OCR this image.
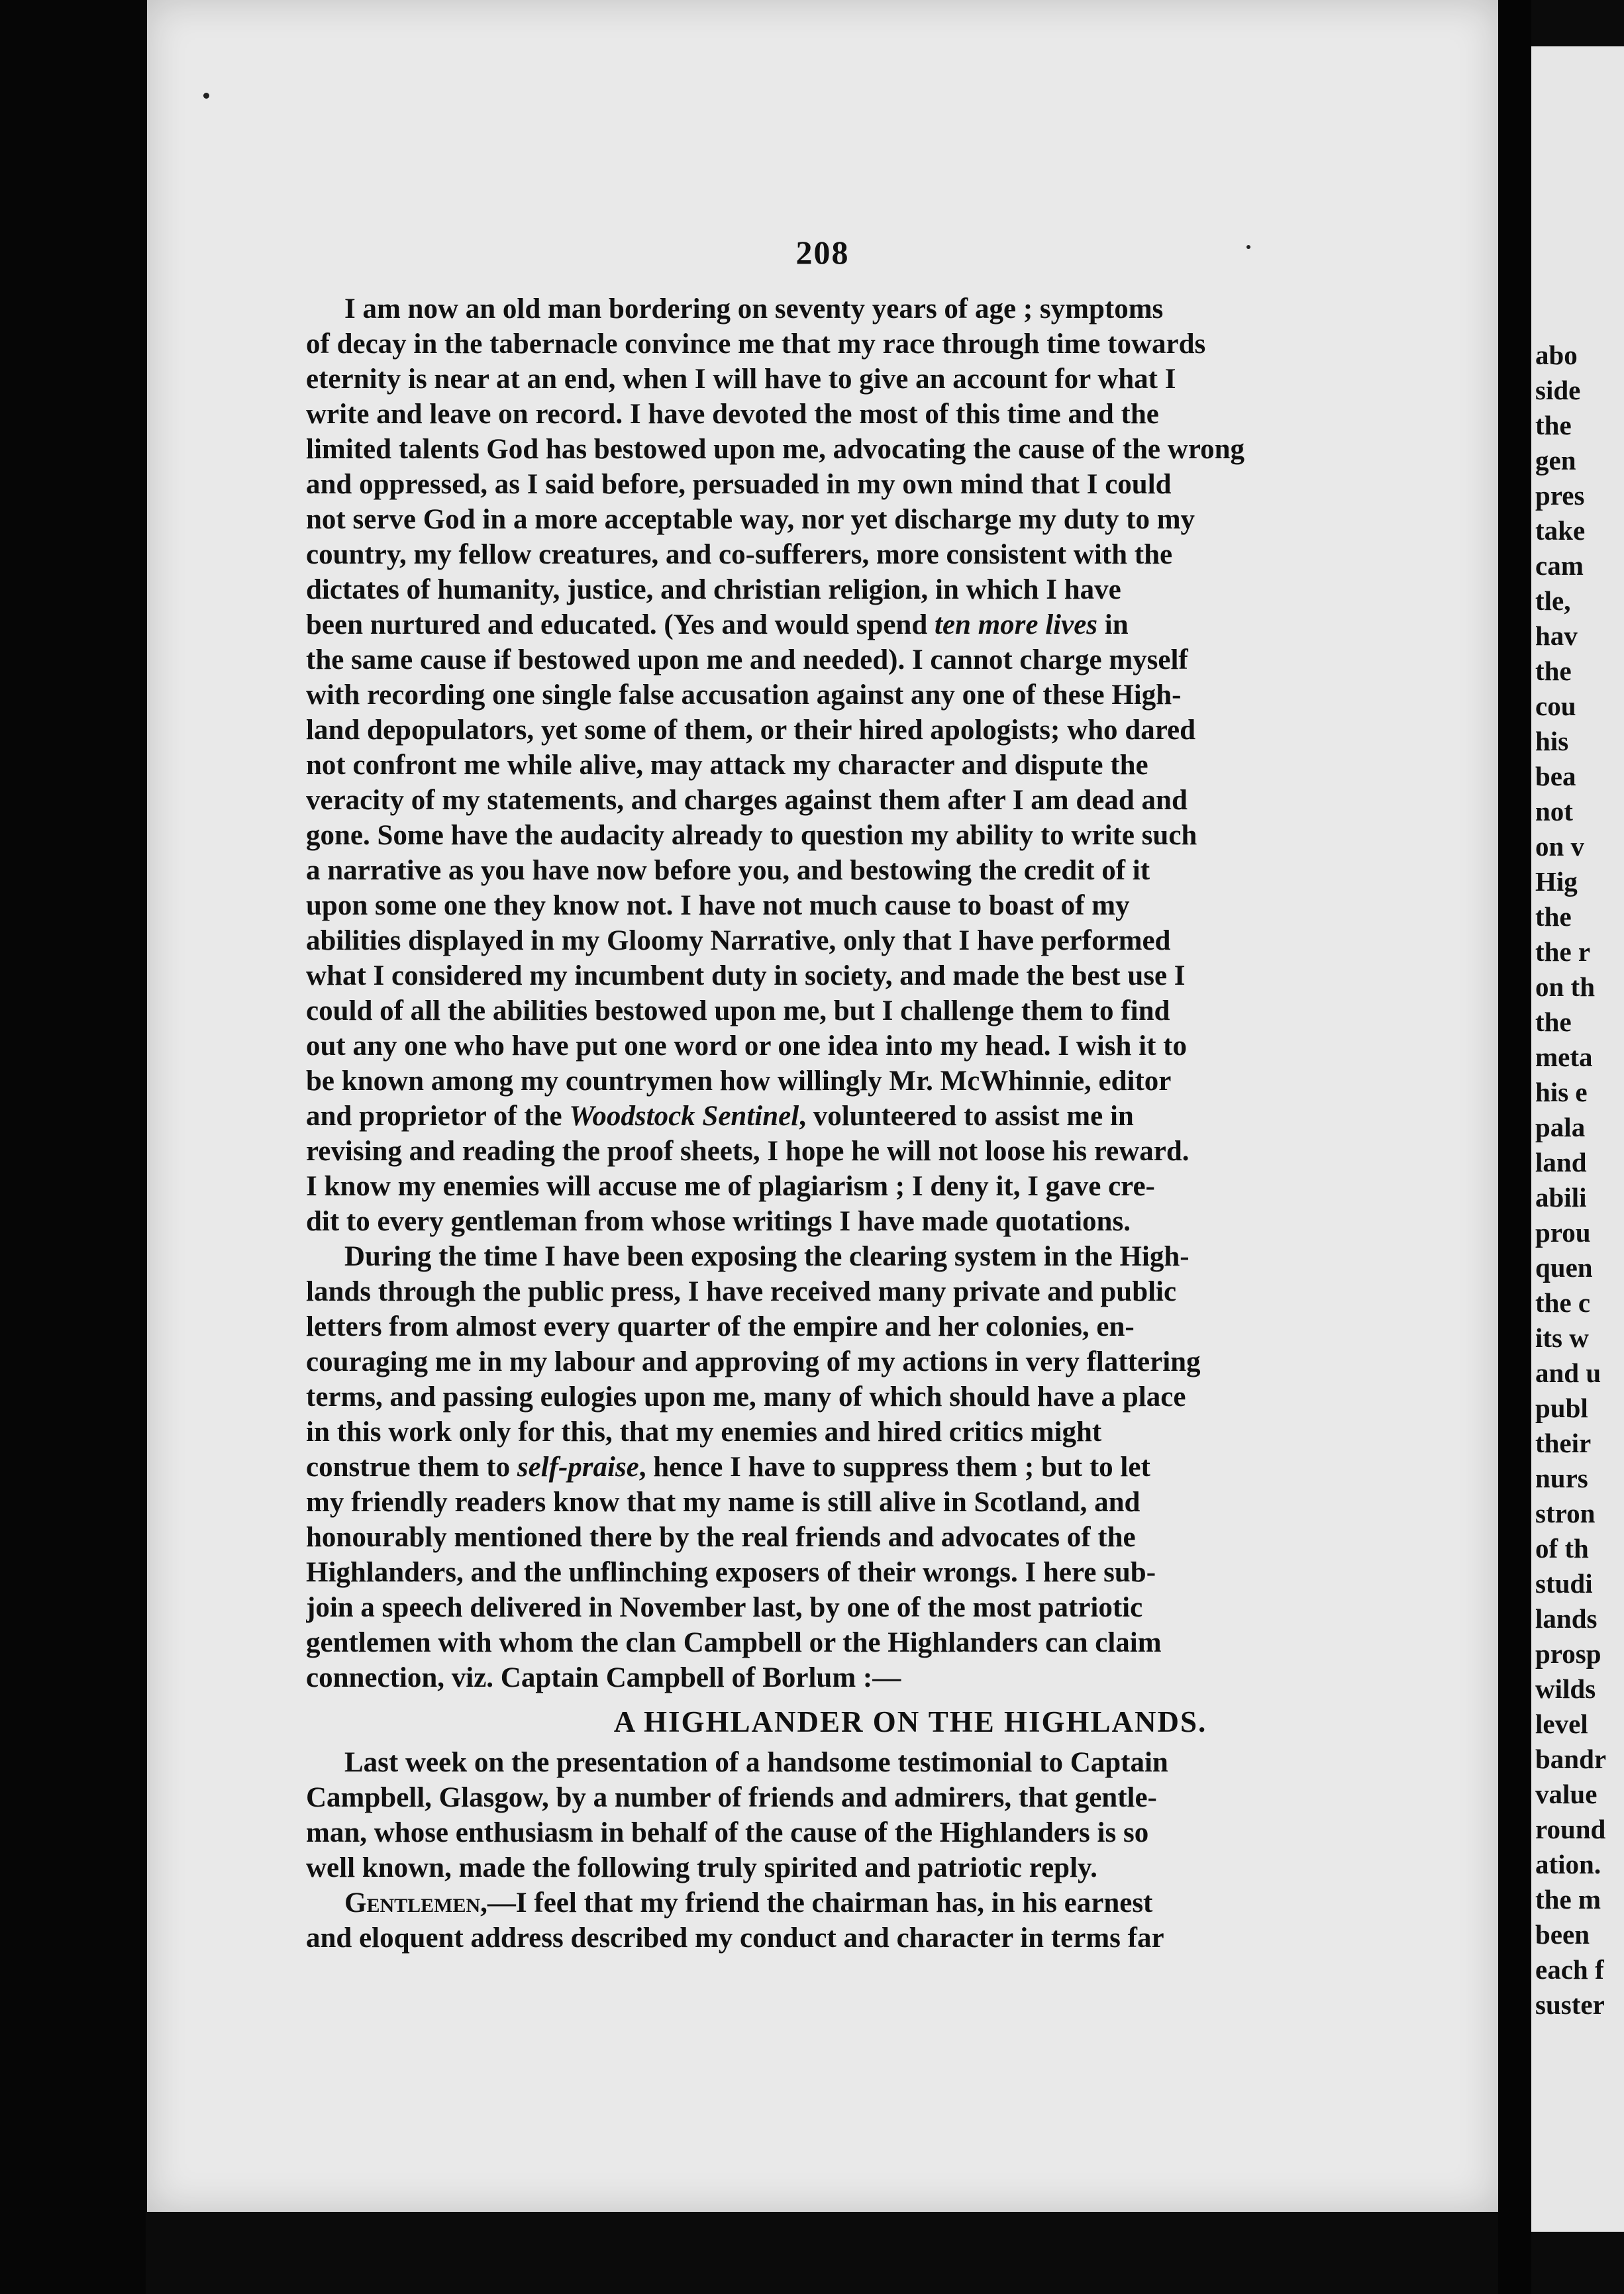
208
I am now an old man bordering on seventy years of age ; symptoms
of decay in the tabernacle convince me that my race through time towards
eternity is near at an end, when I will have to give an account for what I
write and leave on record. I have devoted the most of this time and the
limited talents God has bestowed upon me, advocating the cause of the wrong
and oppressed, as I said before, persuaded in my own mind that I could
not serve God in a more acceptable way, nor yet discharge my duty to my
country, my fellow creatures, and co-sufferers, more consistent with the
dictates of humanity, justice, and christian religion, in which I have
been nurtured and educated. (Yes and would spend ten more lives in
the same cause if bestowed upon me and needed). I cannot charge myself
with recording one single false accusation against any one of these High-
land depopulators, yet some of them, or their hired apologists; who dared
not confront me while alive, may attack my character and dispute the
veracity of my statements, and charges against them after I am dead and
gone. Some have the audacity already to question my ability to write such
a narrative as you have now before you, and bestowing the credit of it
upon some one they know not. I have not much cause to boast of my
abilities displayed in my Gloomy Narrative, only that I have performed
what I considered my incumbent duty in society, and made the best use I
could of all the abilities bestowed upon me, but I challenge them to find
out any one who have put one word or one idea into my head. I wish it to
be known among my countrymen how willingly Mr. McWhinnie, editor
and proprietor of the Woodstock Sentinel, volunteered to assist me in
revising and reading the proof sheets, I hope he will not loose his reward.
I know my enemies will accuse me of plagiarism ; I deny it, I gave cre-
dit to every gentleman from whose writings I have made quotations.
During the time I have been exposing the clearing system in the High-
lands through the public press, I have received many private and public
letters from almost every quarter of the empire and her colonies, en-
couraging me in my labour and approving of my actions in very flattering
terms, and passing eulogies upon me, many of which should have a place
in this work only for this, that my enemies and hired critics might
construe them to self-praise, hence I have to suppress them ; but to let
my friendly readers know that my name is still alive in Scotland, and
honourably mentioned there by the real friends and advocates of the
Highlanders, and the unflinching exposers of their wrongs. I here sub-
join a speech delivered in November last, by one of the most patriotic
gentlemen with whom the clan Campbell or the Highlanders can claim
connection, viz. Captain Campbell of Borlum :—
A HIGHLANDER ON THE HIGHLANDS.
Last week on the presentation of a handsome testimonial to Captain
Campbell, Glasgow, by a number of friends and admirers, that gentle-
man, whose enthusiasm in behalf of the cause of the Highlanders is so
well known, made the following truly spirited and patriotic reply.
Gentlemen,—I feel that my friend the chairman has, in his earnest
and eloquent address described my conduct and character in terms far
abo
side
the
gen
pres
take
cam
tle,
hav
the
cou
his
bea
not
on v
Hig
the
the r
on th
the
meta
his e
pala
land
abili
prou
quen
the c
its w
and u
publ
their
nurs
stron
of th
studi
lands
prosp
wilds
level
bandr
value
round
ation.
the m
been
each f
suster
